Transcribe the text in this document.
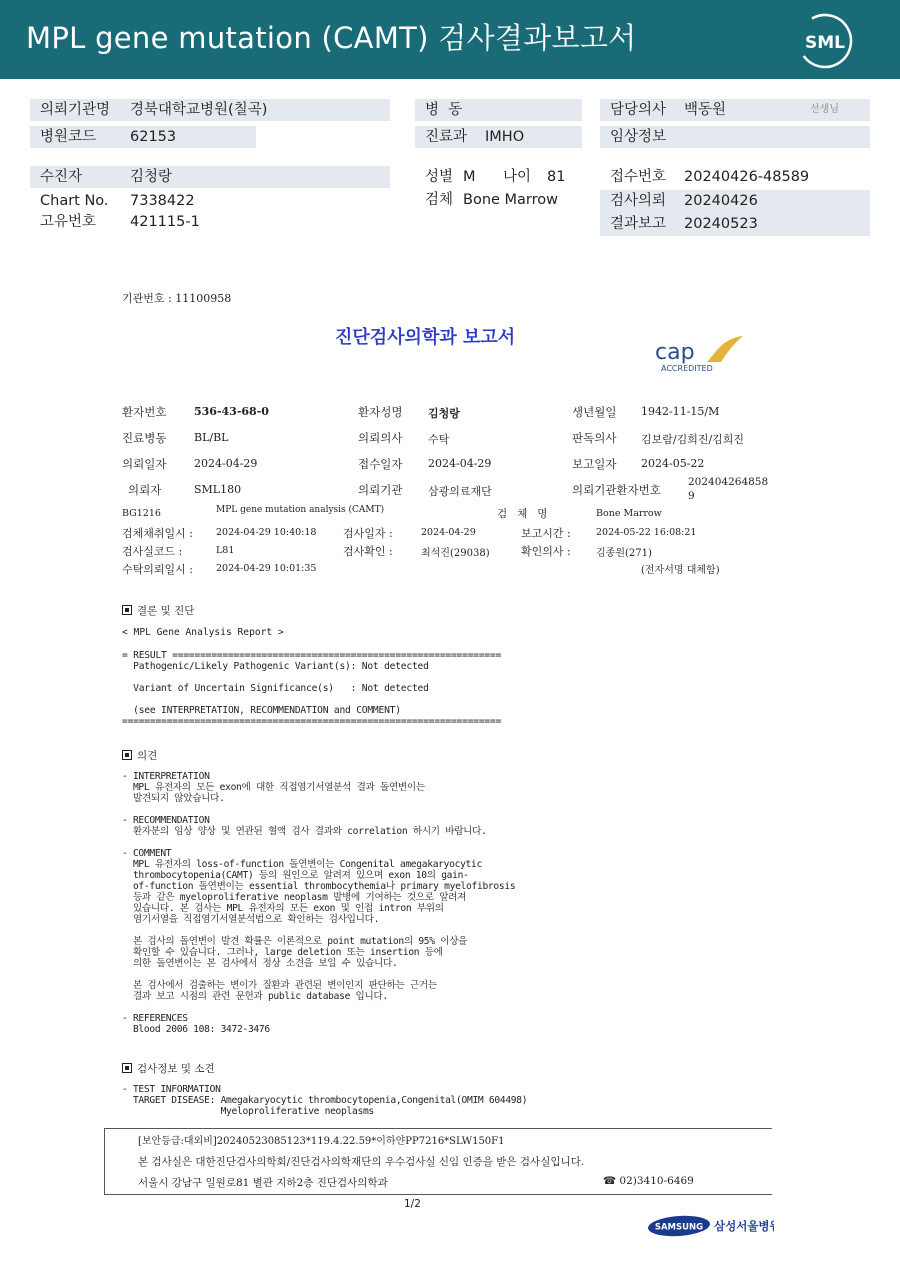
MPL gene mutation (CAMT) 검사결과보고서	SML
의뢰기관명 경북대학교병원(칠곡)
병원코드 62153
병  동
진료과 IMHO
담당의사 백동원	선생님
임상정보
수진자	김청랑
Chart No. 7338422
고유번호 421115-1
성별 M 나이 81
검체 Bone Marrow
접수번호 20240426-48589
검사의뢰 20240426
결과보고 20240523
기관번호 : 11100958
진단검사의학과 보고서
cap
ACCREDITED
환자번호	536-43-68-0	환자성명 김청랑	생년월일 1942-11-15/M
진료병동	BL/BL	의뢰의사 수탁	판독의사 김보람/김희진/김희진
의뢰일자	2024-04-29	접수일자 2024-04-29	보고일자 2024-05-22
의뢰자	SML180	의뢰기관 삼광의료재단	의뢰기관환자번호
202404264858
9
BG1216	MPL gene mutation analysis (CAMT)	검   체   명	Bone Marrow
검체채취일시 : 2024-04-29 10:40:18 검사일자 :	2024-04-29	보고시간 :	2024-05-22 16:08:21
검사실코드 :	L81	검사확인 :	최석진(29038)	확인의사 :	김종원(271)
수탁의뢰일시 : 2024-04-29 10:01:35	(전자서명 대체함)
결론 및 진단
< MPL Gene Analysis Report >
= RESULT ===========================================================
Pathogenic/Likely Pathogenic Variant(s): Not detected

Variant of Uncertain Significance(s)   : Not detected

(see INTERPRETATION, RECOMMENDATION and COMMENT)
====================================================================
의견
- INTERPRETATION
MPL 유전자의 모든 exon에 대한 직접염기서열분석 결과 돌연변이는
발견되지 않았습니다.

- RECOMMENDATION
환자분의 임상 양상 및 연관된 혈액 검사 결과와 correlation 하시기 바랍니다.

- COMMENT
MPL 유전자의 loss-of-function 돌연변이는 Congenital amegakaryocytic
thrombocytopenia(CAMT) 등의 원인으로 알려져 있으며 exon 10의 gain-
of-function 돌연변이는 essential thrombocythemia나 primary myelofibrosis
등과 같은 myeloproliferative neoplasm 발병에 기여하는 것으로 알려져
있습니다. 본 검사는 MPL 유전자의 모든 exon 및 인접 intron 부위의
염기서열을 직접염기서열분석법으로 확인하는 검사입니다.

본 검사의 돌연변이 발견 확률은 이론적으로 point mutation의 95% 이상을
확인할 수 있습니다. 그러나, large deletion 또는 insertion 등에
의한 돌연변이는 본 검사에서 정상 소견을 보일 수 있습니다.

본 검사에서 검출하는 변이가 질환과 관련된 변이인지 판단하는 근거는
결과 보고 시점의 관련 문헌과 public database 입니다.

- REFERENCES
Blood 2006 108: 3472-3476
검사정보 및 소견
- TEST INFORMATION
TARGET DISEASE: Amegakaryocytic thrombocytopenia,Congenital(OMIM 604498)
Myeloproliferative neoplasms
[보안등급:대외비]20240523085123*119.4.22.59*이하얀PP7216*SLW150F1
본 검사실은 대한진단검사의학회/진단검사의학재단의 우수검사실 신임 인증을 받은 검사실입니다.
서울시 강남구 일원로81 별관 지하2층 진단검사의학과	☎ 02)3410-6469
1/2
SAMSUNG 삼성서울병원
